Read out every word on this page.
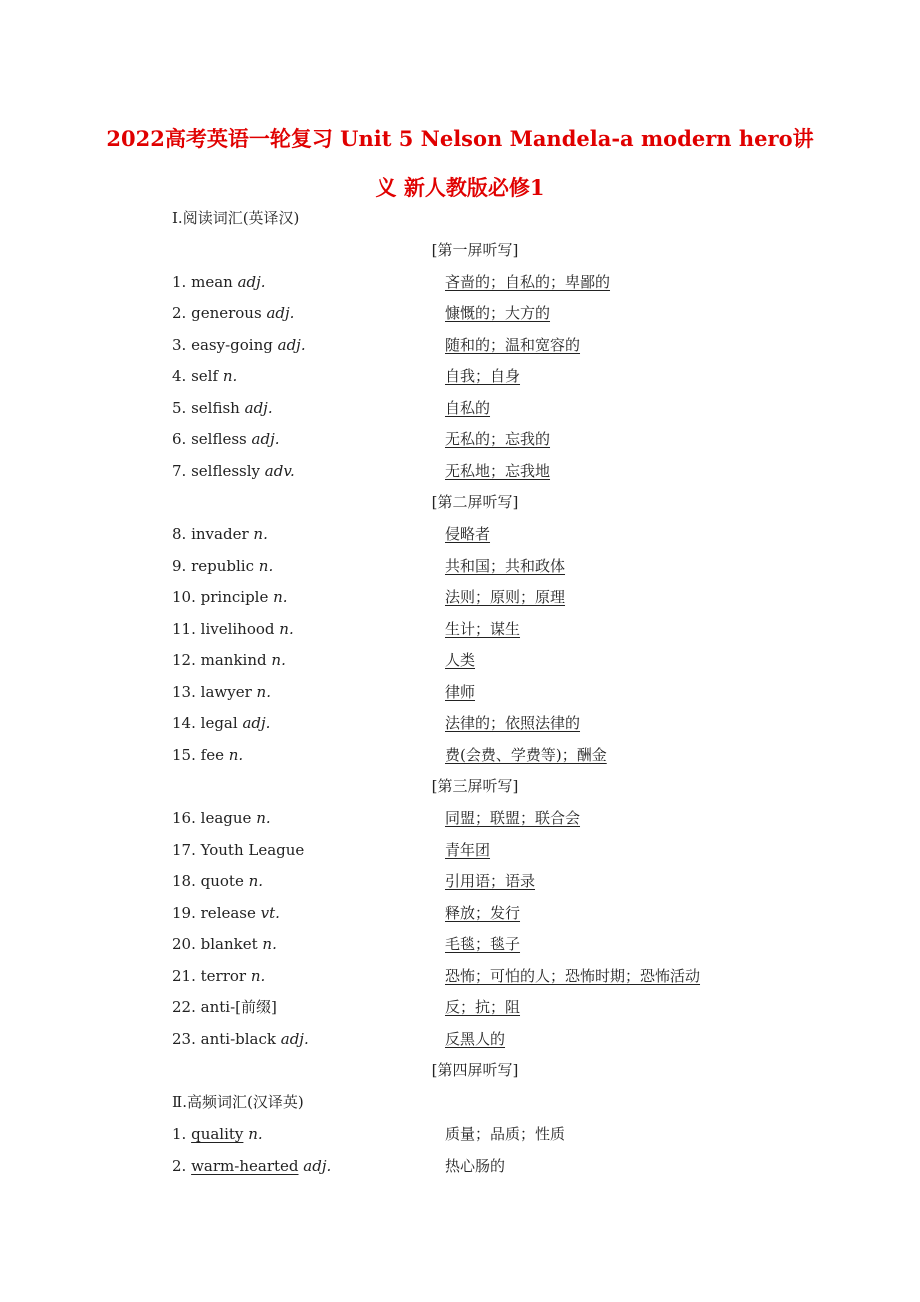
2022高考英语一轮复习 Unit 5 Nelson Mandela-a modern hero讲
义 新人教版必修1
Ⅰ.阅读词汇(英译汉)
[第一屏听写]
[第二屏听写]
[第三屏听写]
[第四屏听写]
1. mean adj.	吝啬的；自私的；卑鄙的
2. generous adj.	慷慨的；大方的
3. easy-going adj.	随和的；温和宽容的
4. self n.	自我；自身
5. selfish adj.	自私的
6. selfless adj.	无私的；忘我的
7. selflessly adv.	无私地；忘我地
8. invader n.	侵略者
9. republic n.	共和国；共和政体
10. principle n.	法则；原则；原理
11. livelihood n.	生计；谋生
12. mankind n.	人类
13. lawyer n.	律师
14. legal adj.	法律的；依照法律的
15. fee n.	费(会费、学费等)；酬金
16. league n.	同盟；联盟；联合会
17. Youth League	青年团
18. quote n.	引用语；语录
19. release vt.	释放；发行
20. blanket n.	毛毯；毯子
21. terror n.	恐怖；可怕的人；恐怖时期；恐怖活动
22. anti-[前缀]	反；抗；阻
23. anti-black adj.	反黑人的
Ⅱ.高频词汇(汉译英)
1. quality n.	质量；品质；性质
2. warm-hearted adj.	热心肠的
